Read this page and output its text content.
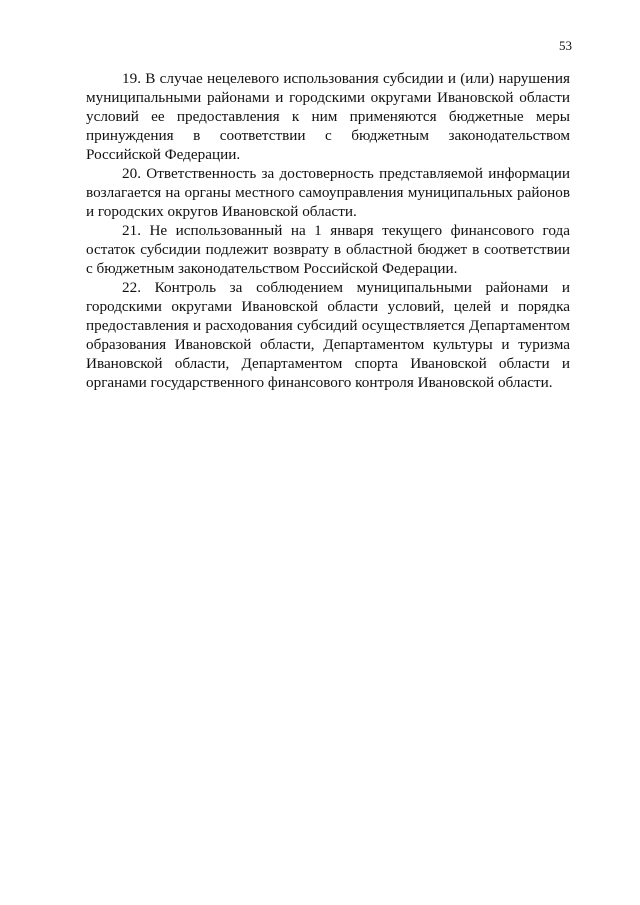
53

19. В случае нецелевого использования субсидии и (или) нарушения муниципальными районами и городскими округами Ивановской области условий ее предоставления к ним применяются бюджетные меры принуждения в соответствии с бюджетным законодательством Российской Федерации.

20. Ответственность за достоверность представляемой информации возлагается на органы местного самоуправления муниципальных районов и городских округов Ивановской области.

21. Не использованный на 1 января текущего финансового года остаток субсидии подлежит возврату в областной бюджет в соответствии с бюджетным законодательством Российской Федерации.

22. Контроль за соблюдением муниципальными районами и городскими округами Ивановской области условий, целей и порядка предоставления и расходования субсидий осуществляется Департаментом образования Ивановской области, Департаментом культуры и туризма Ивановской области, Департаментом спорта Ивановской области и органами государственного финансового контроля Ивановской области.
